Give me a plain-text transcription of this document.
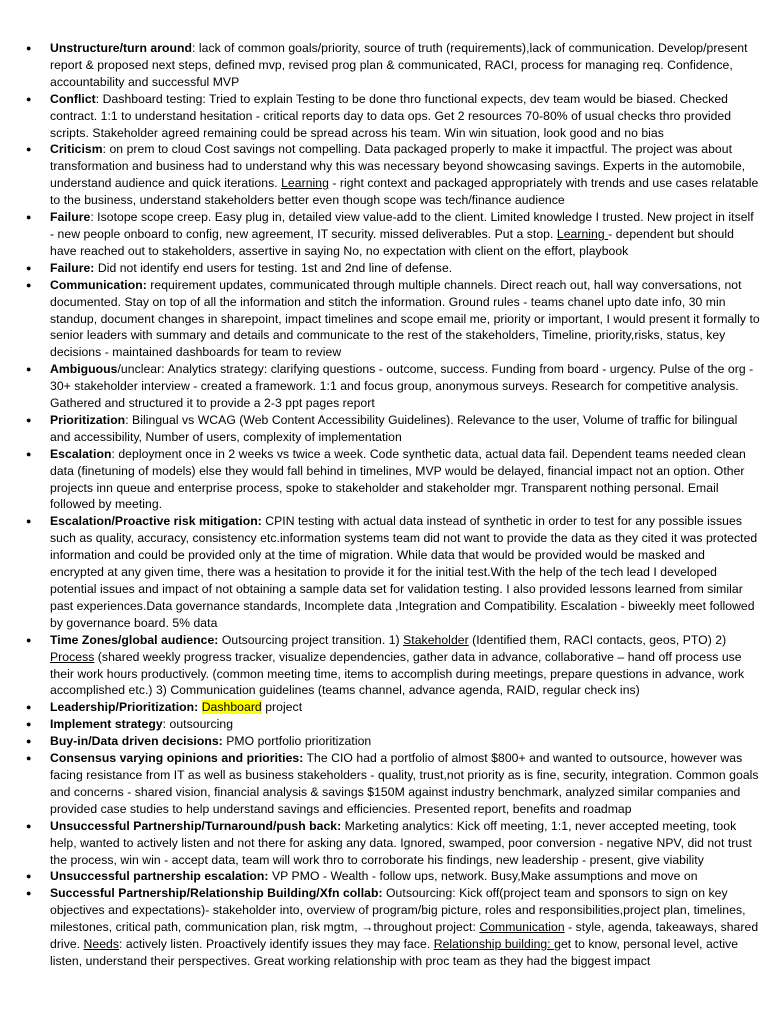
● Unstructure/turn around: lack of common goals/priority, source of truth (requirements),lack of communication. Develop/present report & proposed next steps, defined mvp, revised prog plan & communicated, RACI, process for managing req. Confidence, accountability and successful MVP
● Conflict: Dashboard testing: Tried to explain Testing to be done thro functional expects, dev team would be biased. Checked contract. 1:1 to understand hesitation - critical reports day to data ops. Get 2 resources 70-80% of usual checks thro provided scripts. Stakeholder agreed remaining could be spread across his team. Win win situation, look good and no bias
● Criticism: on prem to cloud Cost savings not compelling. Data packaged properly to make it impactful. The project was about transformation and business had to understand why this was necessary beyond showcasing savings. Experts in the automobile, understand audience and quick iterations. Learning - right context and packaged appropriately with trends and use cases relatable to the business, understand stakeholders better even though scope was tech/finance audience
● Failure: Isotope scope creep. Easy plug in, detailed view value-add to the client. Limited knowledge I trusted. New project in itself - new people onboard to config, new agreement, IT security. missed deliverables. Put a stop. Learning - dependent but should have reached out to stakeholders, assertive in saying No, no expectation with client on the effort, playbook
● Failure: Did not identify end users for testing. 1st and 2nd line of defense.
● Communication: requirement updates, communicated through multiple channels. Direct reach out, hall way conversations, not documented. Stay on top of all the information and stitch the information. Ground rules - teams chanel upto date info, 30 min standup, document changes in sharepoint, impact timelines and scope email me, priority or important, I would present it formally to senior leaders with summary and details and communicate to the rest of the stakeholders, Timeline, priority,risks, status, key decisions - maintained dashboards for team to review
● Ambiguous/unclear: Analytics strategy: clarifying questions - outcome, success. Funding from board - urgency. Pulse of the org - 30+ stakeholder interview - created a framework. 1:1 and focus group, anonymous surveys. Research for competitive analysis. Gathered and structured it to provide a 2-3 ppt pages report
● Prioritization: Bilingual vs WCAG (Web Content Accessibility Guidelines). Relevance to the user, Volume of traffic for bilingual and accessibility, Number of users, complexity of implementation
● Escalation: deployment once in 2 weeks vs twice a week. Code synthetic data, actual data fail. Dependent teams needed clean data (finetuning of models) else they would fall behind in timelines, MVP would be delayed, financial impact not an option. Other projects inn queue and enterprise process, spoke to stakeholder and stakeholder mgr. Transparent nothing personal. Email followed by meeting.
● Escalation/Proactive risk mitigation: CPIN testing with actual data instead of synthetic in order to test for any possible issues such as quality, accuracy, consistency etc.information systems team did not want to provide the data as they cited it was protected information and could be provided only at the time of migration. While data that would be provided would be masked and encrypted at any given time, there was a hesitation to provide it for the initial test.With the help of the tech lead I developed potential issues and impact of not obtaining a sample data set for validation testing. I also provided lessons learned from similar past experiences.Data governance standards, Incomplete data ,Integration and Compatibility. Escalation - biweekly meet followed by governance board. 5% data
● Time Zones/global audience: Outsourcing project transition. 1) Stakeholder (Identified them, RACI contacts, geos, PTO) 2) Process (shared weekly progress tracker, visualize dependencies, gather data in advance, collaborative – hand off process use their work hours productively. (common meeting time, items to accomplish during meetings, prepare questions in advance, work accomplished etc.) 3) Communication guidelines (teams channel, advance agenda, RAID, regular check ins)
● Leadership/Prioritization: Dashboard project
● Implement strategy: outsourcing
● Buy-in/Data driven decisions: PMO portfolio prioritization
● Consensus varying opinions and priorities: The CIO had a portfolio of almost $800+ and wanted to outsource, however was facing resistance from IT as well as business stakeholders - quality, trust,not priority as is fine, security, integration. Common goals and concerns - shared vision, financial analysis & savings $150M against industry benchmark, analyzed similar companies and provided case studies to help understand savings and efficiencies. Presented report, benefits and roadmap
● Unsuccessful Partnership/Turnaround/push back: Marketing analytics: Kick off meeting, 1:1, never accepted meeting, took help, wanted to actively listen and not there for asking any data. Ignored, swamped, poor conversion - negative NPV, did not trust the process, win win - accept data, team will work thro to corroborate his findings, new leadership - present, give viability
● Unsuccessful partnership escalation: VP PMO - Wealth - follow ups, network. Busy,Make assumptions and move on
● Successful Partnership/Relationship Building/Xfn collab: Outsourcing: Kick off(project team and sponsors to sign on key objectives and expectations)- stakeholder into, overview of program/big picture, roles and responsibilities,project plan, timelines, milestones, critical path, communication plan, risk mgtm, →throughout project: Communication - style, agenda, takeaways, shared drive. Needs: actively listen. Proactively identify issues they may face. Relationship building: get to know, personal level, active listen, understand their perspectives. Great working relationship with proc team as they had the biggest impact
